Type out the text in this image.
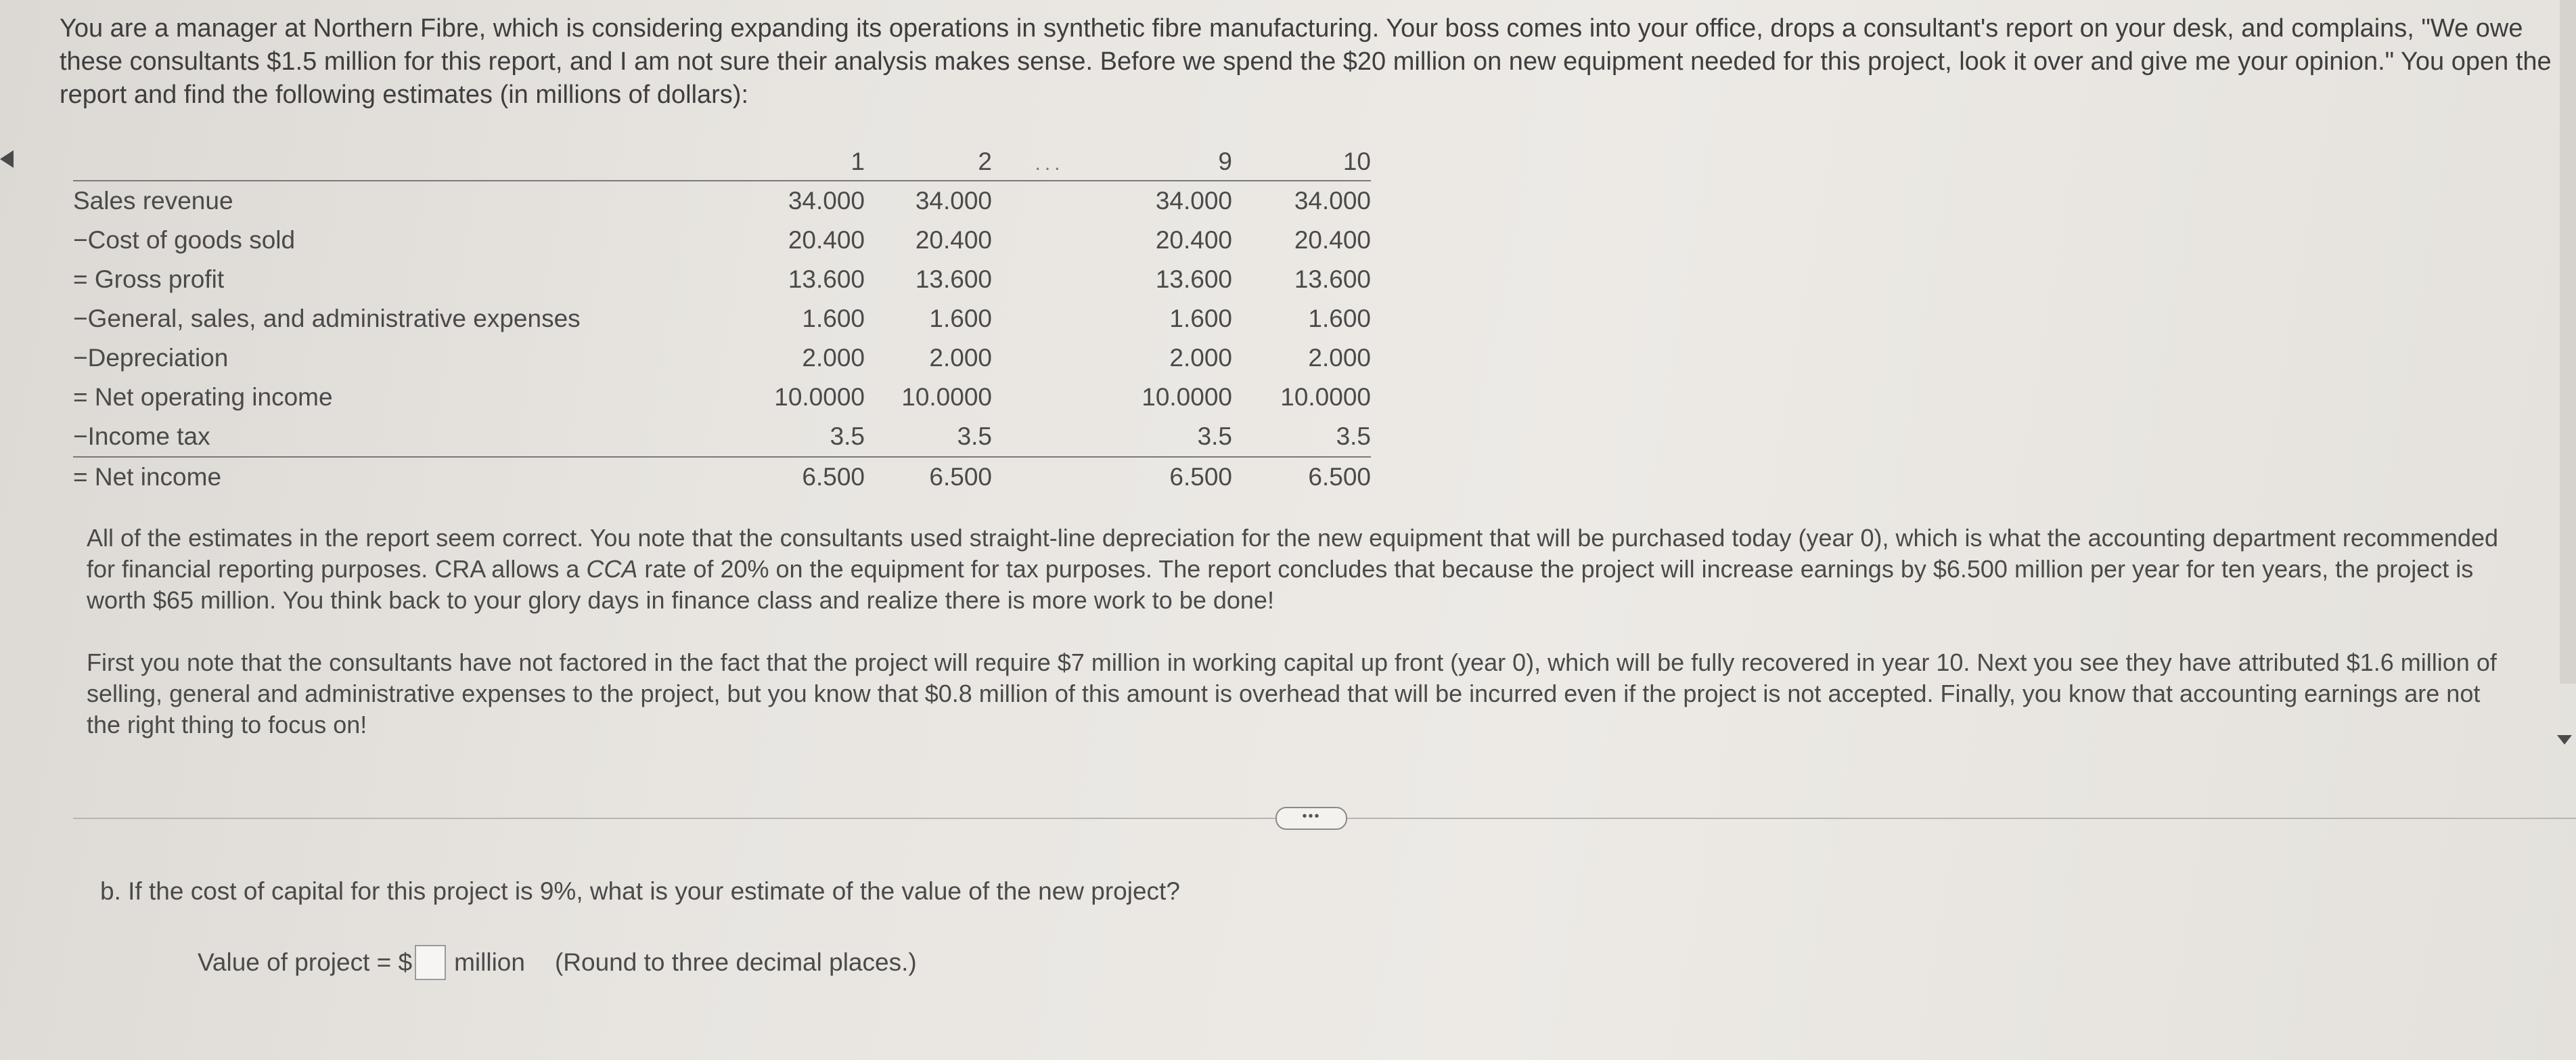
You are a manager at Northern Fibre, which is considering expanding its operations in synthetic fibre manufacturing. Your boss comes into your office, drops a consultant's report on your desk, and complains, "We owe these consultants $1.5 million for this report, and I am not sure their analysis makes sense. Before we spend the $20 million on new equipment needed for this project, look it over and give me your opinion." You open the report and find the following estimates (in millions of dollars):
	1	2	...	9	10
Sales revenue	34.000	34.000		34.000	34.000
−Cost of goods sold	20.400	20.400		20.400	20.400
= Gross profit	13.600	13.600		13.600	13.600
−General, sales, and administrative expenses	1.600	1.600		1.600	1.600
−Depreciation	2.000	2.000		2.000	2.000
= Net operating income	10.0000	10.0000		10.0000	10.0000
−Income tax	3.5	3.5		3.5	3.5
= Net income	6.500	6.500		6.500	6.500
All of the estimates in the report seem correct. You note that the consultants used straight-line depreciation for the new equipment that will be purchased today (year 0), which is what the accounting department recommended for financial reporting purposes. CRA allows a CCA rate of 20% on the equipment for tax purposes. The report concludes that because the project will increase earnings by $6.500 million per year for ten years, the project is worth $65 million. You think back to your glory days in finance class and realize there is more work to be done!
First you note that the consultants have not factored in the fact that the project will require $7 million in working capital up front (year 0), which will be fully recovered in year 10. Next you see they have attributed $1.6 million of selling, general and administrative expenses to the project, but you know that $0.8 million of this amount is overhead that will be incurred even if the project is not accepted. Finally, you know that accounting earnings are not the right thing to focus on!
•••
b. If the cost of capital for this project is 9%, what is your estimate of the value of the new project?
Value of project = $ million (Round to three decimal places.)
